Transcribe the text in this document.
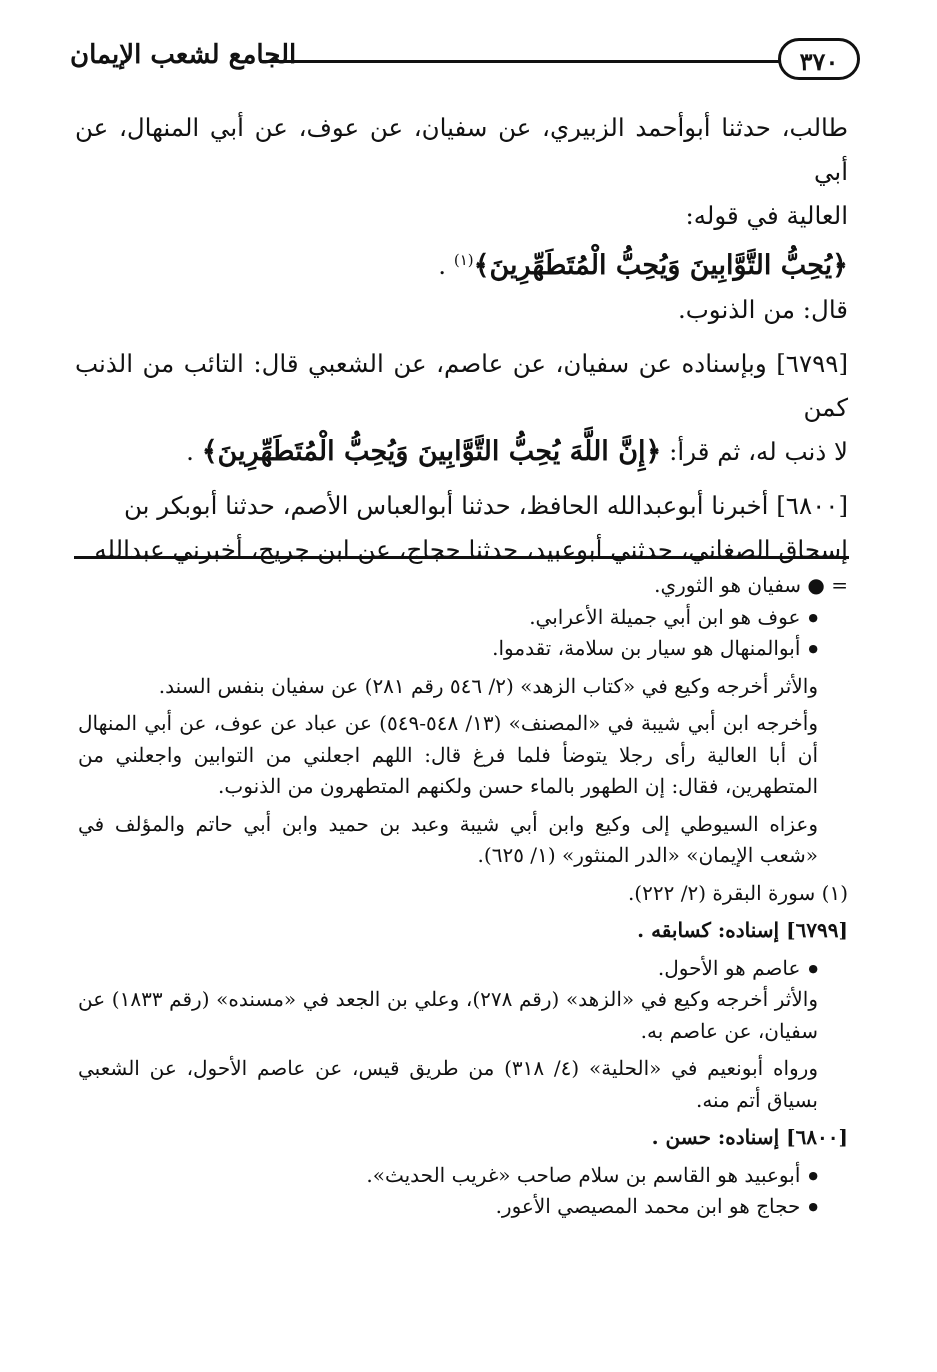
٣٧٠
الجامع لشعب الإيمان

طالب، حدثنا أبوأحمد الزبيري، عن سفيان، عن عوف، عن أبي المنهال، عن أبي

العالية في قوله:

﴿يُحِبُّ التَّوَّابِينَ وَيُحِبُّ الْمُتَطَهِّرِينَ﴾$^{(١)}$ .

قال: من الذنوب.

[٦٧٩٩] وبإسناده عن سفيان، عن عاصم، عن الشعبي قال: التائب من الذنب كمن

لا ذنب له، ثم قرأ: ﴿إِنَّ اللَّهَ يُحِبُّ التَّوَّابِينَ وَيُحِبُّ الْمُتَطَهِّرِينَ﴾ .

[٦٨٠٠] أخبرنا أبوعبدالله الحافظ، حدثنا أبوالعباس الأصم، حدثنا أبوبكر بن

إسحاق الصغاني، حدثني أبوعبيد، حدثنا حجاج، عن ابن جريج، أخبرني عبدالله

= ● سفيان هو الثوري.

● عوف هو ابن أبي جميلة الأعرابي.

● أبوالمنهال هو سيار بن سلامة، تقدموا.

والأثر أخرجه وكيع في «كتاب الزهد» (٢/ ٥٤٦ رقم ٢٨١) عن سفيان بنفس السند.

وأخرجه ابن أبي شيبة في «المصنف» (١٣/ ٥٤٨-٥٤٩) عن عباد عن عوف، عن أبي المنهال أن أبا العالية رأى رجلا يتوضأ فلما فرغ قال: اللهم اجعلني من التوابين واجعلني من المتطهرين، فقال: إن الطهور بالماء حسن ولكنهم المتطهرون من الذنوب.

وعزاه السيوطي إلى وكيع وابن أبي شيبة وعبد بن حميد وابن أبي حاتم والمؤلف في «شعب الإيمان» «الدر المنثور» (١/ ٦٢٥).

(١) سورة البقرة (٢/ ٢٢٢).

[٦٧٩٩] إسناده: كسابقه .

● عاصم هو الأحول.

والأثر أخرجه وكيع في «الزهد» (رقم ٢٧٨)، وعلي بن الجعد في «مسنده» (رقم ١٨٣٣) عن سفيان، عن عاصم به.

ورواه أبونعيم في «الحلية» (٤/ ٣١٨) من طريق قيس، عن عاصم الأحول، عن الشعبي بسياق أتم منه.

[٦٨٠٠] إسناده: حسن .

● أبوعبيد هو القاسم بن سلام صاحب «غريب الحديث».

● حجاج هو ابن محمد المصيصي الأعور.
